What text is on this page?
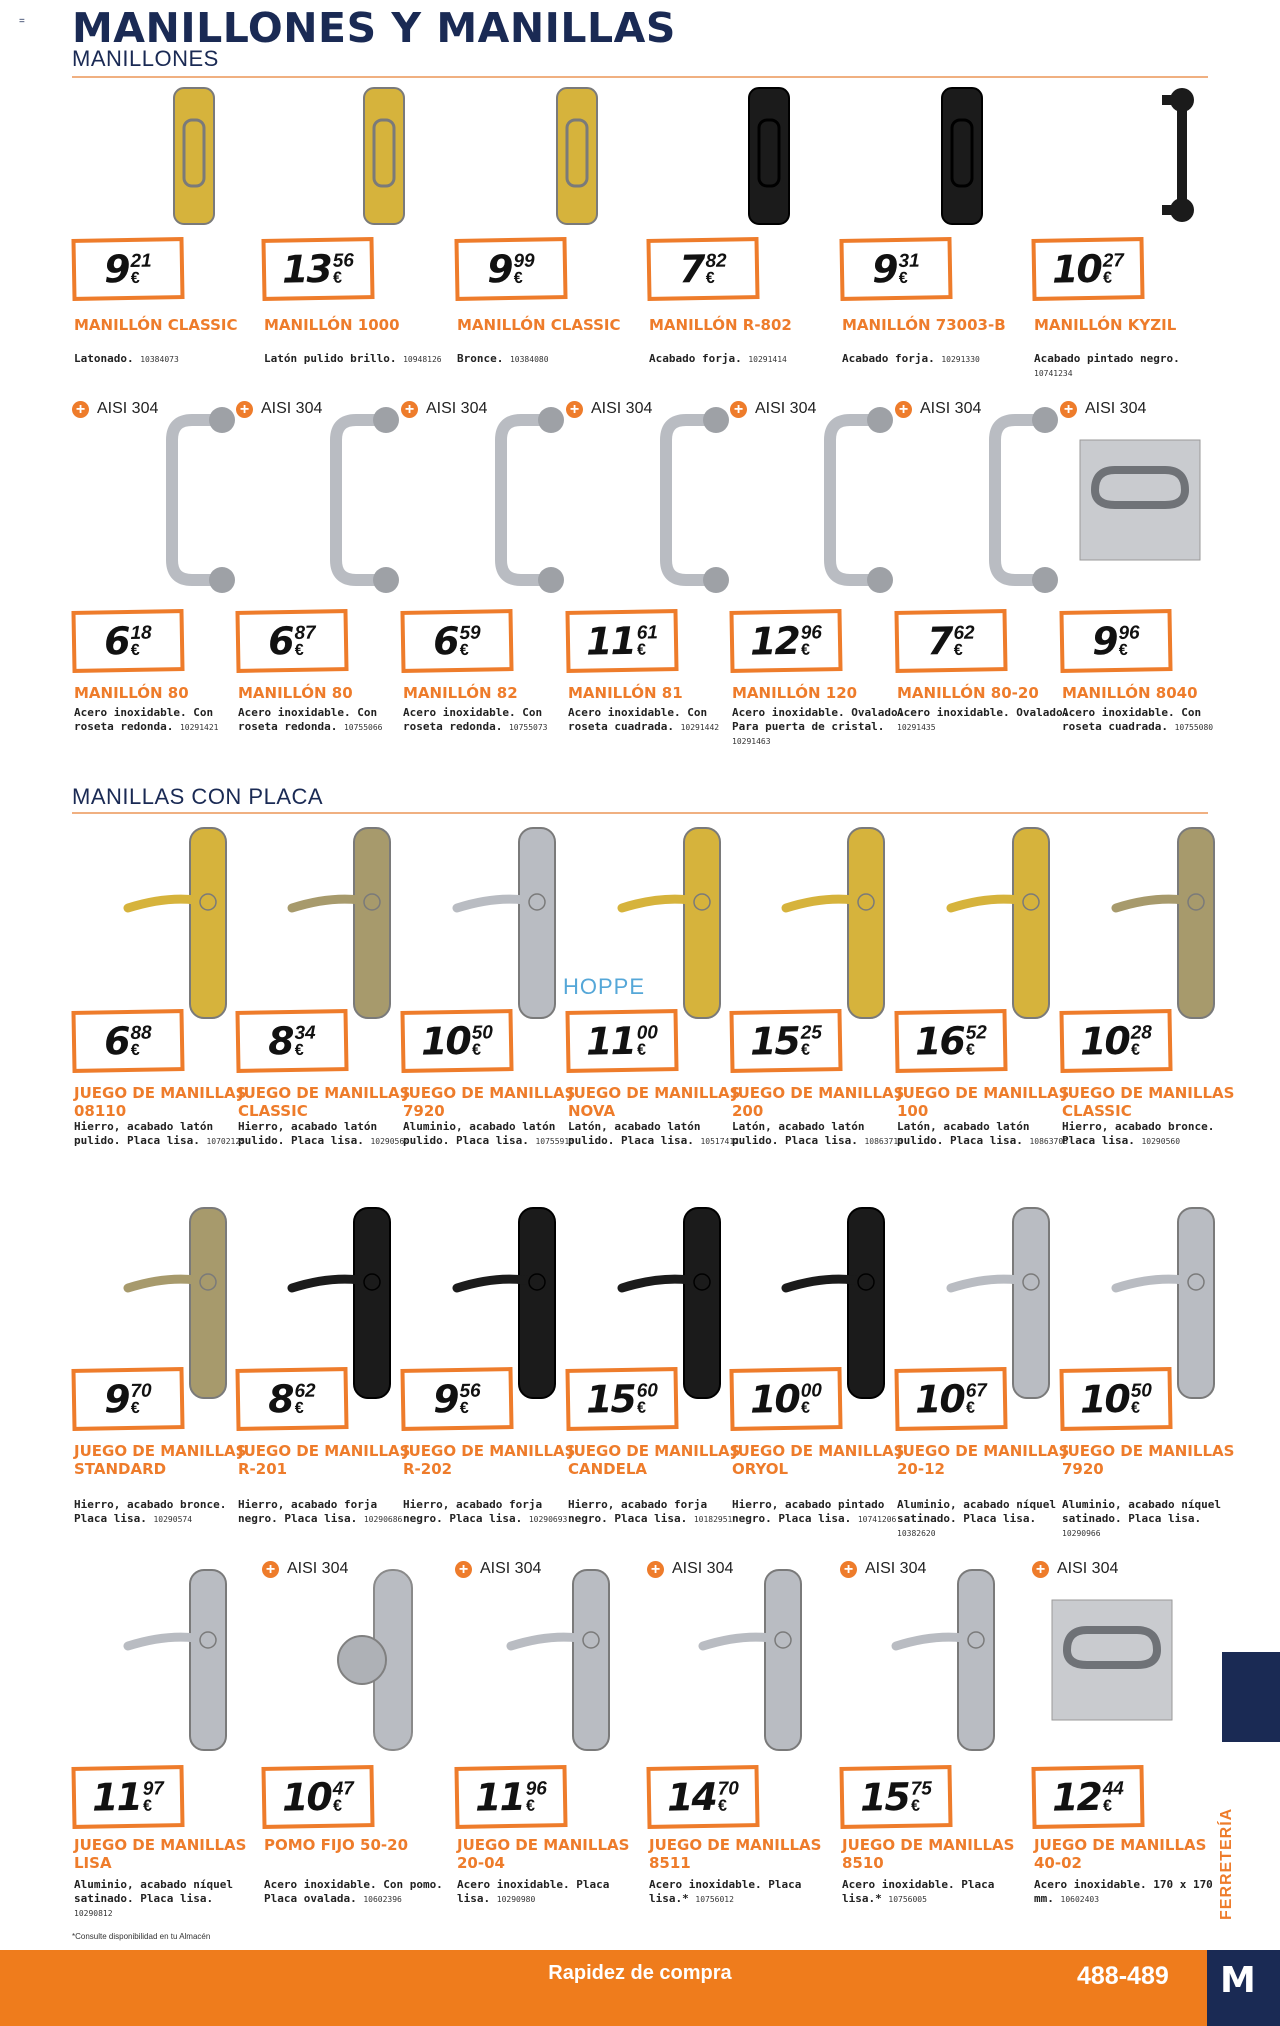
= MANILLONES Y MANILLAS
MANILLONES
MANILLAS CON PLACA
9 21
€
MANILLÓN CLASSIC
Latonado. 10384073
13 56
€
MANILLÓN 1000
Latón pulido brillo. 10948126
9 99
€
MANILLÓN CLASSIC
Bronce. 10384080
7 82
€
MANILLÓN R-802
Acabado forja. 10291414
9 31
€
MANILLÓN 73003-B
Acabado forja. 10291330
10 27
€
MANILLÓN KYZIL
Acabado pintado negro. 10741234
+ AISI 304
6 18
€
MANILLÓN 80
Acero inoxidable. Con roseta redonda. 10291421
+ AISI 304
6 87
€
MANILLÓN 80
Acero inoxidable. Con roseta redonda. 10755066
+ AISI 304
6 59
€
MANILLÓN 82
Acero inoxidable. Con roseta redonda. 10755073
+ AISI 304
11 61
€
MANILLÓN 81
Acero inoxidable. Con roseta cuadrada. 10291442
+ AISI 304
12 96
€
MANILLÓN 120
Acero inoxidable. Ovalado. Para puerta de cristal. 10291463
+ AISI 304
7 62
€
MANILLÓN 80-20
Acero inoxidable. Ovalado. 10291435
+ AISI 304
9 96
€
MANILLÓN 8040
Acero inoxidable. Con roseta cuadrada. 10755080
6 88
€
JUEGO DE MANILLAS 08110
Hierro, acabado latón pulido. Placa lisa. 10702125
8 34
€
JUEGO DE MANILLAS CLASSIC
Hierro, acabado latón pulido. Placa lisa. 10290560
10 50
€
JUEGO DE MANILLAS 7920
Aluminio, acabado latón pulido. Placa lisa. 10755913
11 00
€
JUEGO DE MANILLAS NOVA
Latón, acabado latón pulido. Placa lisa. 10517412
15 25
€
JUEGO DE MANILLAS 200
Latón, acabado latón pulido. Placa lisa. 10863713
16 52
€
JUEGO DE MANILLAS 100
Latón, acabado latón pulido. Placa lisa. 10863706
10 28
€
JUEGO DE MANILLAS CLASSIC
Hierro, acabado bronce. Placa lisa. 10290560
HOPPE
9 70
€
JUEGO DE MANILLAS STANDARD
Hierro, acabado bronce. Placa lisa. 10290574
8 62
€
JUEGO DE MANILLAS R-201
Hierro, acabado forja negro. Placa lisa. 10290686
9 56
€
JUEGO DE MANILLAS R-202
Hierro, acabado forja negro. Placa lisa. 10290693
15 60
€
JUEGO DE MANILLAS CANDELA
Hierro, acabado forja negro. Placa lisa. 10182951
10 00
€
JUEGO DE MANILLAS ORYOL
Hierro, acabado pintado negro. Placa lisa. 10741206
10 67
€
JUEGO DE MANILLAS 20-12
Aluminio, acabado níquel satinado. Placa lisa. 10382620
10 50
€
JUEGO DE MANILLAS 7920
Aluminio, acabado níquel satinado. Placa lisa. 10290966
11 97
€
JUEGO DE MANILLAS LISA
Aluminio, acabado níquel satinado. Placa lisa. 10290812
+ AISI 304
10 47
€
POMO FIJO 50-20
Acero inoxidable. Con pomo. Placa ovalada. 10602396
+ AISI 304
11 96
€
JUEGO DE MANILLAS 20-04
Acero inoxidable. Placa lisa. 10290980
+ AISI 304
14 70
€
JUEGO DE MANILLAS 8511
Acero inoxidable. Placa lisa.* 10756012
+ AISI 304
15 75
€
JUEGO DE MANILLAS 8510
Acero inoxidable. Placa lisa.* 10756005
+ AISI 304
12 44
€
JUEGO DE MANILLAS 40-02
Acero inoxidable. 170 x 170 mm. 10602403	FERRETERÍA
*Consulte disponibilidad en tu Almacén
Rapidez de compra	488-489 M
